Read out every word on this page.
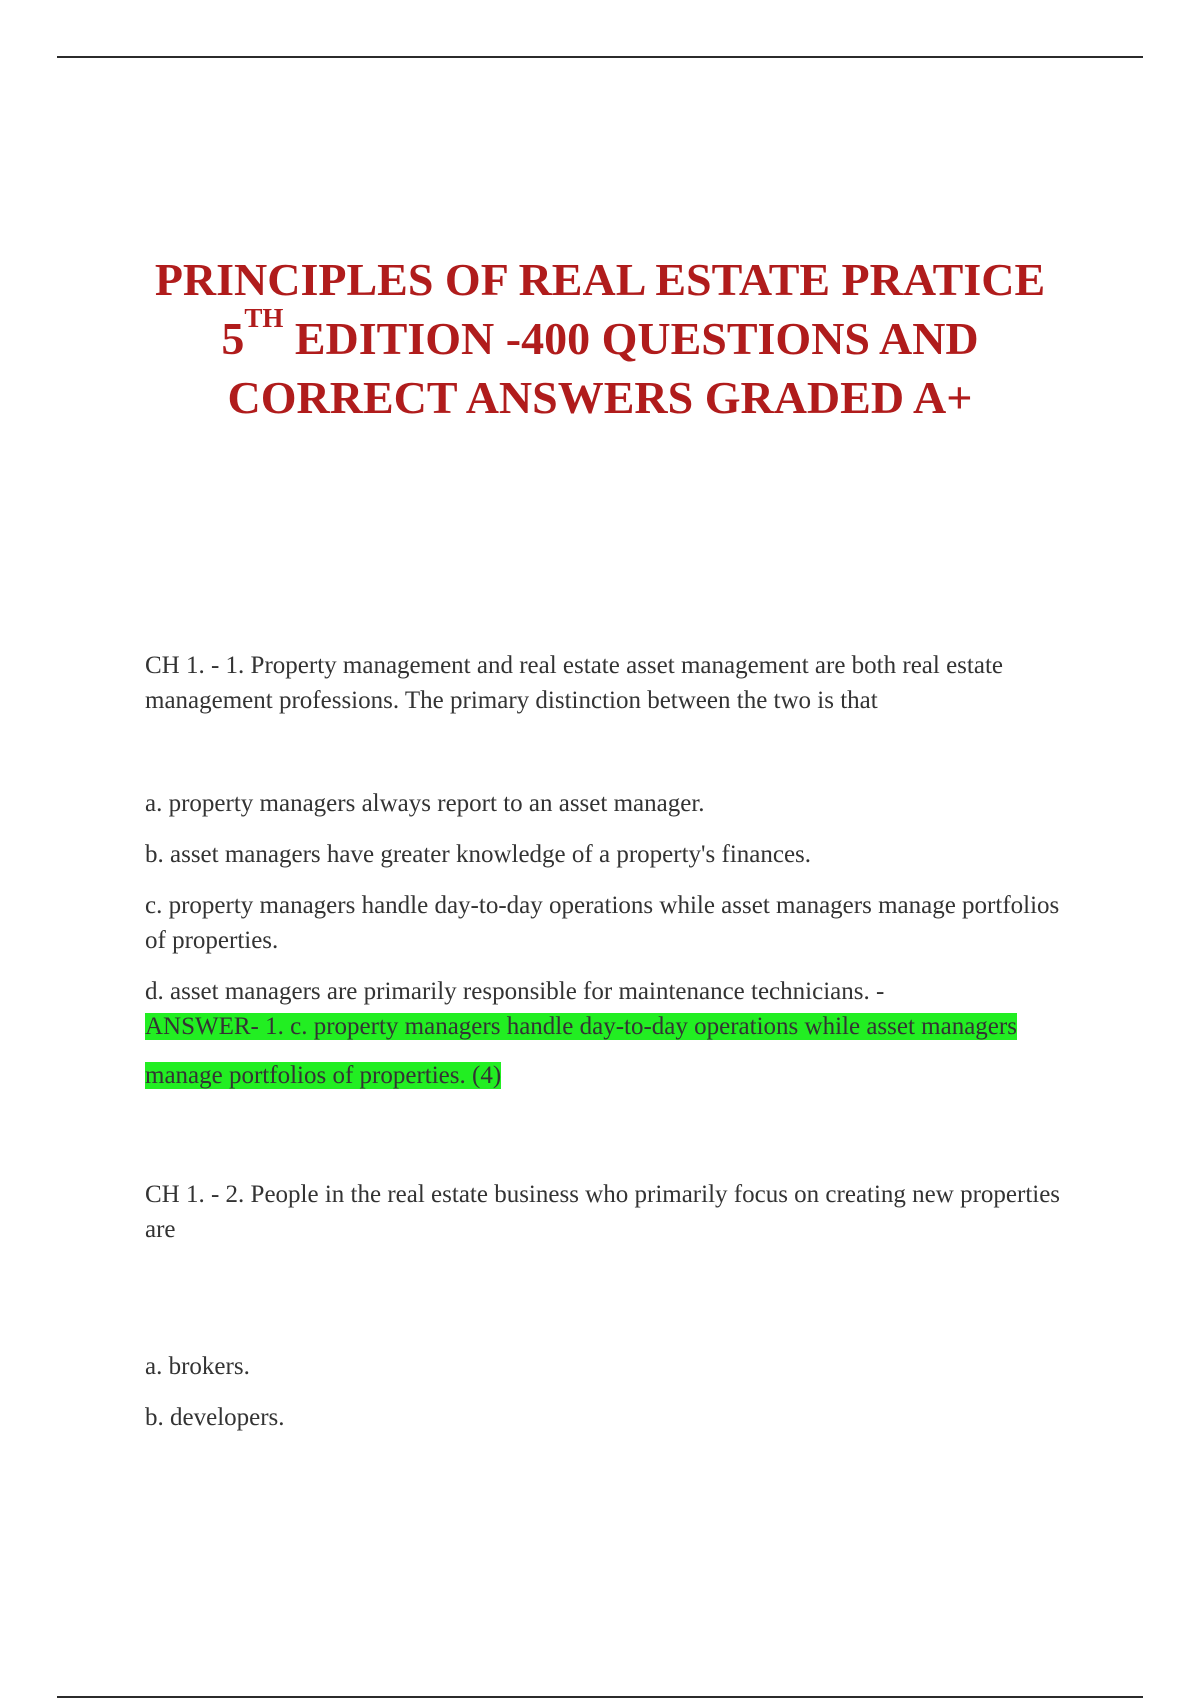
PRINCIPLES OF REAL ESTATE PRATICE
5TH EDITION -400 QUESTIONS AND
CORRECT ANSWERS GRADED A+

CH 1. - 1. Property management and real estate asset management are both real estate management professions. The primary distinction between the two is that

a. property managers always report to an asset manager.

b. asset managers have greater knowledge of a property's finances.

c. property managers handle day-to-day operations while asset managers manage portfolios of properties.

d. asset managers are primarily responsible for maintenance technicians. -
ANSWER- 1. c. property managers handle day-to-day operations while asset managers

manage portfolios of properties. (4)

CH 1. - 2. People in the real estate business who primarily focus on creating new properties are

a. brokers.

b. developers.
